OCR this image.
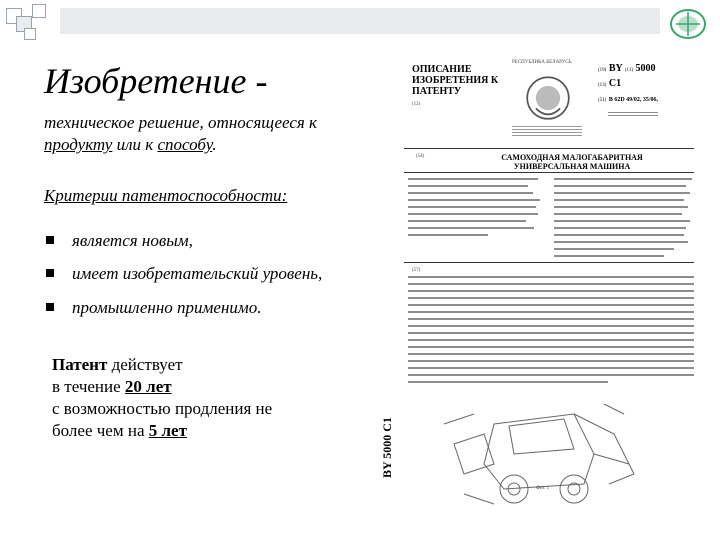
Изобретение -
техническое решение, относящееся к продукту или к способу.
Критерии патентоспособности:
является новым,
имеет изобретательский уровень,
промышленно применимо.
Патент действует
в течение 20 лет
с возможностью продления не
более чем на 5 лет
РЕСПУБЛИКА БЕЛАРУСЬ
ОПИСАНИЕ ИЗОБРЕТЕНИЯ К ПАТЕНТУ
(12)
(19) BY (11) 5000
(13) C1
(51) B 62D 49/02, 35/06,
(54)	САМОХОДНАЯ МАЛОГАБАРИТНАЯ УНИВЕРСАЛЬНАЯ МАШИНА
(57)
Фиг. 1
BY 5000 C1
